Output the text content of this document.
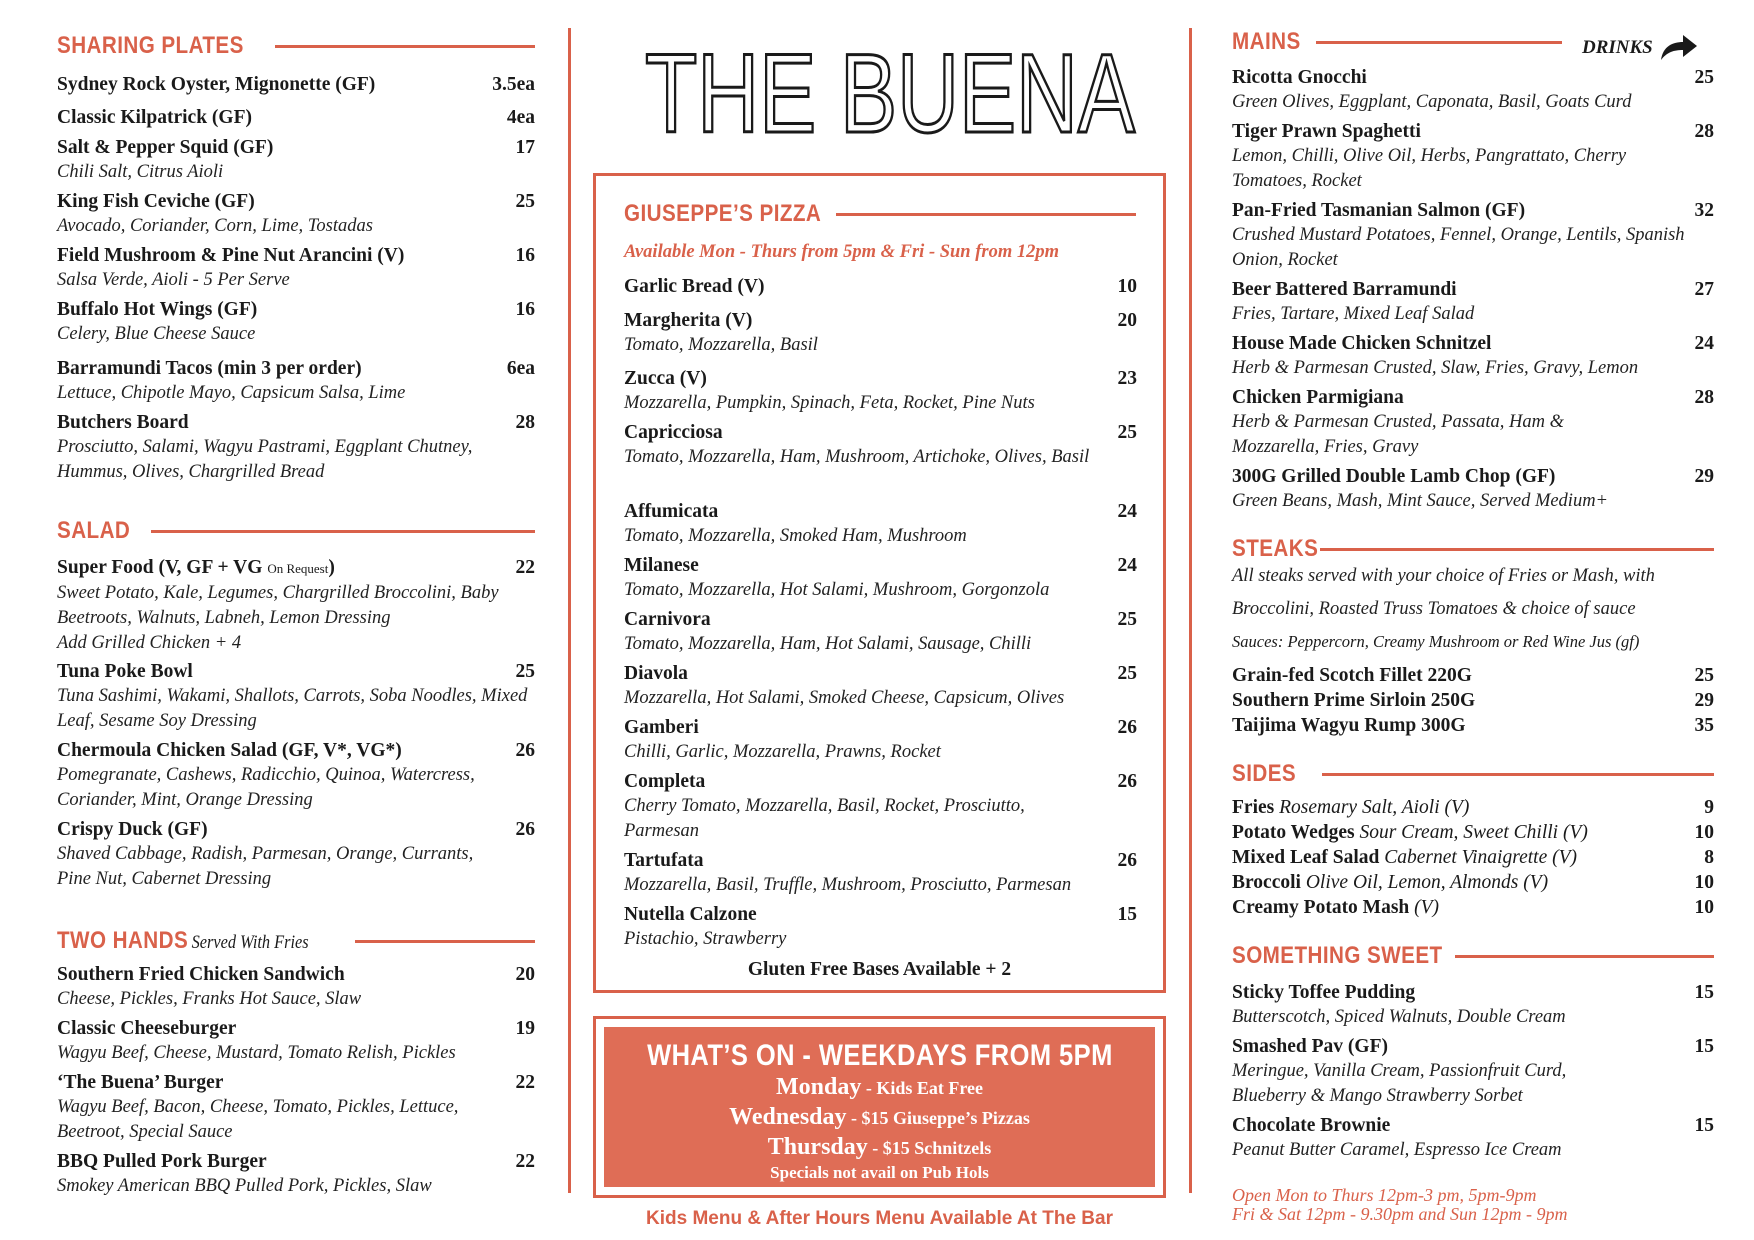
SHARING PLATES
Sydney Rock Oyster, Mignonette (GF)	3.5ea
Classic Kilpatrick (GF)	4ea
Salt & Pepper Squid (GF)	17
Chili Salt, Citrus Aioli
King Fish Ceviche (GF)	25
Avocado, Coriander, Corn, Lime, Tostadas
Field Mushroom & Pine Nut Arancini (V)	16
Salsa Verde, Aioli - 5 Per Serve
Buffalo Hot Wings (GF)	16
Celery, Blue Cheese Sauce
Barramundi Tacos (min 3 per order)	6ea
Lettuce, Chipotle Mayo, Capsicum Salsa, Lime
Butchers Board	28
Prosciutto, Salami, Wagyu Pastrami, Eggplant Chutney, Hummus, Olives, Chargrilled Bread
SALAD
Super Food (V, GF + VG On Request)	22
Sweet Potato, Kale, Legumes, Chargrilled Broccolini, Baby Beetroots, Walnuts, Labneh, Lemon Dressing
Add Grilled Chicken + 4
Tuna Poke Bowl	25
Tuna Sashimi, Wakami, Shallots, Carrots, Soba Noodles, Mixed Leaf, Sesame Soy Dressing
Chermoula Chicken Salad (GF, V*, VG*)	26
Pomegranate, Cashews, Radicchio, Quinoa, Watercress, Coriander, Mint, Orange Dressing
Crispy Duck (GF)	26
Shaved Cabbage, Radish, Parmesan, Orange, Currants, Pine Nut, Cabernet Dressing
TWO HANDS Served With Fries
Southern Fried Chicken Sandwich	20
Cheese, Pickles, Franks Hot Sauce, Slaw
Classic Cheeseburger	19
Wagyu Beef, Cheese, Mustard, Tomato Relish, Pickles
‘The Buena’ Burger	22
Wagyu Beef, Bacon, Cheese, Tomato, Pickles, Lettuce, Beetroot, Special Sauce
BBQ Pulled Pork Burger	22
Smokey American BBQ Pulled Pork, Pickles, Slaw
THE BUENA
GIUSEPPE’S PIZZA
Available Mon - Thurs from 5pm & Fri - Sun from 12pm
Garlic Bread (V)	10
Margherita (V)	20
Tomato, Mozzarella, Basil
Zucca (V)	23
Mozzarella, Pumpkin, Spinach, Feta, Rocket, Pine Nuts
Capricciosa	25
Tomato, Mozzarella, Ham, Mushroom, Artichoke, Olives, Basil
Affumicata	24
Tomato, Mozzarella, Smoked Ham, Mushroom
Milanese	24
Tomato, Mozzarella, Hot Salami, Mushroom, Gorgonzola
Carnivora	25
Tomato, Mozzarella, Ham, Hot Salami, Sausage, Chilli
Diavola	25
Mozzarella, Hot Salami, Smoked Cheese, Capsicum, Olives
Gamberi	26
Chilli, Garlic, Mozzarella, Prawns, Rocket
Completa	26
Cherry Tomato, Mozzarella, Basil, Rocket, Prosciutto, Parmesan
Tartufata	26
Mozzarella, Basil, Truffle, Mushroom, Prosciutto, Parmesan
Nutella Calzone	15
Pistachio, Strawberry
Gluten Free Bases Available + 2
WHAT’S ON - WEEKDAYS FROM 5PM
Monday - Kids Eat Free
Wednesday - $15 Giuseppe’s Pizzas
Thursday - $15 Schnitzels
Specials not avail on Pub Hols
Kids Menu & After Hours Menu Available At The Bar
MAINS	DRINKS
Ricotta Gnocchi	25
Green Olives, Eggplant, Caponata, Basil, Goats Curd
Tiger Prawn Spaghetti	28
Lemon, Chilli, Olive Oil, Herbs, Pangrattato, Cherry Tomatoes, Rocket
Pan-Fried Tasmanian Salmon (GF)	32
Crushed Mustard Potatoes, Fennel, Orange, Lentils, Spanish Onion, Rocket
Beer Battered Barramundi	27
Fries, Tartare, Mixed Leaf Salad
House Made Chicken Schnitzel	24
Herb & Parmesan Crusted, Slaw, Fries, Gravy, Lemon
Chicken Parmigiana	28
Herb & Parmesan Crusted, Passata, Ham & Mozzarella, Fries, Gravy
300G Grilled Double Lamb Chop (GF)	29
Green Beans, Mash, Mint Sauce, Served Medium+
STEAKS
All steaks served with your choice of Fries or Mash, with Broccolini, Roasted Truss Tomatoes & choice of sauce
Sauces: Peppercorn, Creamy Mushroom or Red Wine Jus (gf)
Grain-fed Scotch Fillet 220G	25
Southern Prime Sirloin 250G	29
Taijima Wagyu Rump 300G	35
SIDES
Fries Rosemary Salt, Aioli (V)	9
Potato Wedges Sour Cream, Sweet Chilli (V)	10
Mixed Leaf Salad Cabernet Vinaigrette (V)	8
Broccoli Olive Oil, Lemon, Almonds (V)	10
Creamy Potato Mash (V)	10
SOMETHING SWEET
Sticky Toffee Pudding	15
Butterscotch, Spiced Walnuts, Double Cream
Smashed Pav (GF)	15
Meringue, Vanilla Cream, Passionfruit Curd, Blueberry & Mango Strawberry Sorbet
Chocolate Brownie	15
Peanut Butter Caramel, Espresso Ice Cream
Open Mon to Thurs 12pm-3 pm, 5pm-9pm
Fri & Sat 12pm - 9.30pm and Sun 12pm - 9pm
